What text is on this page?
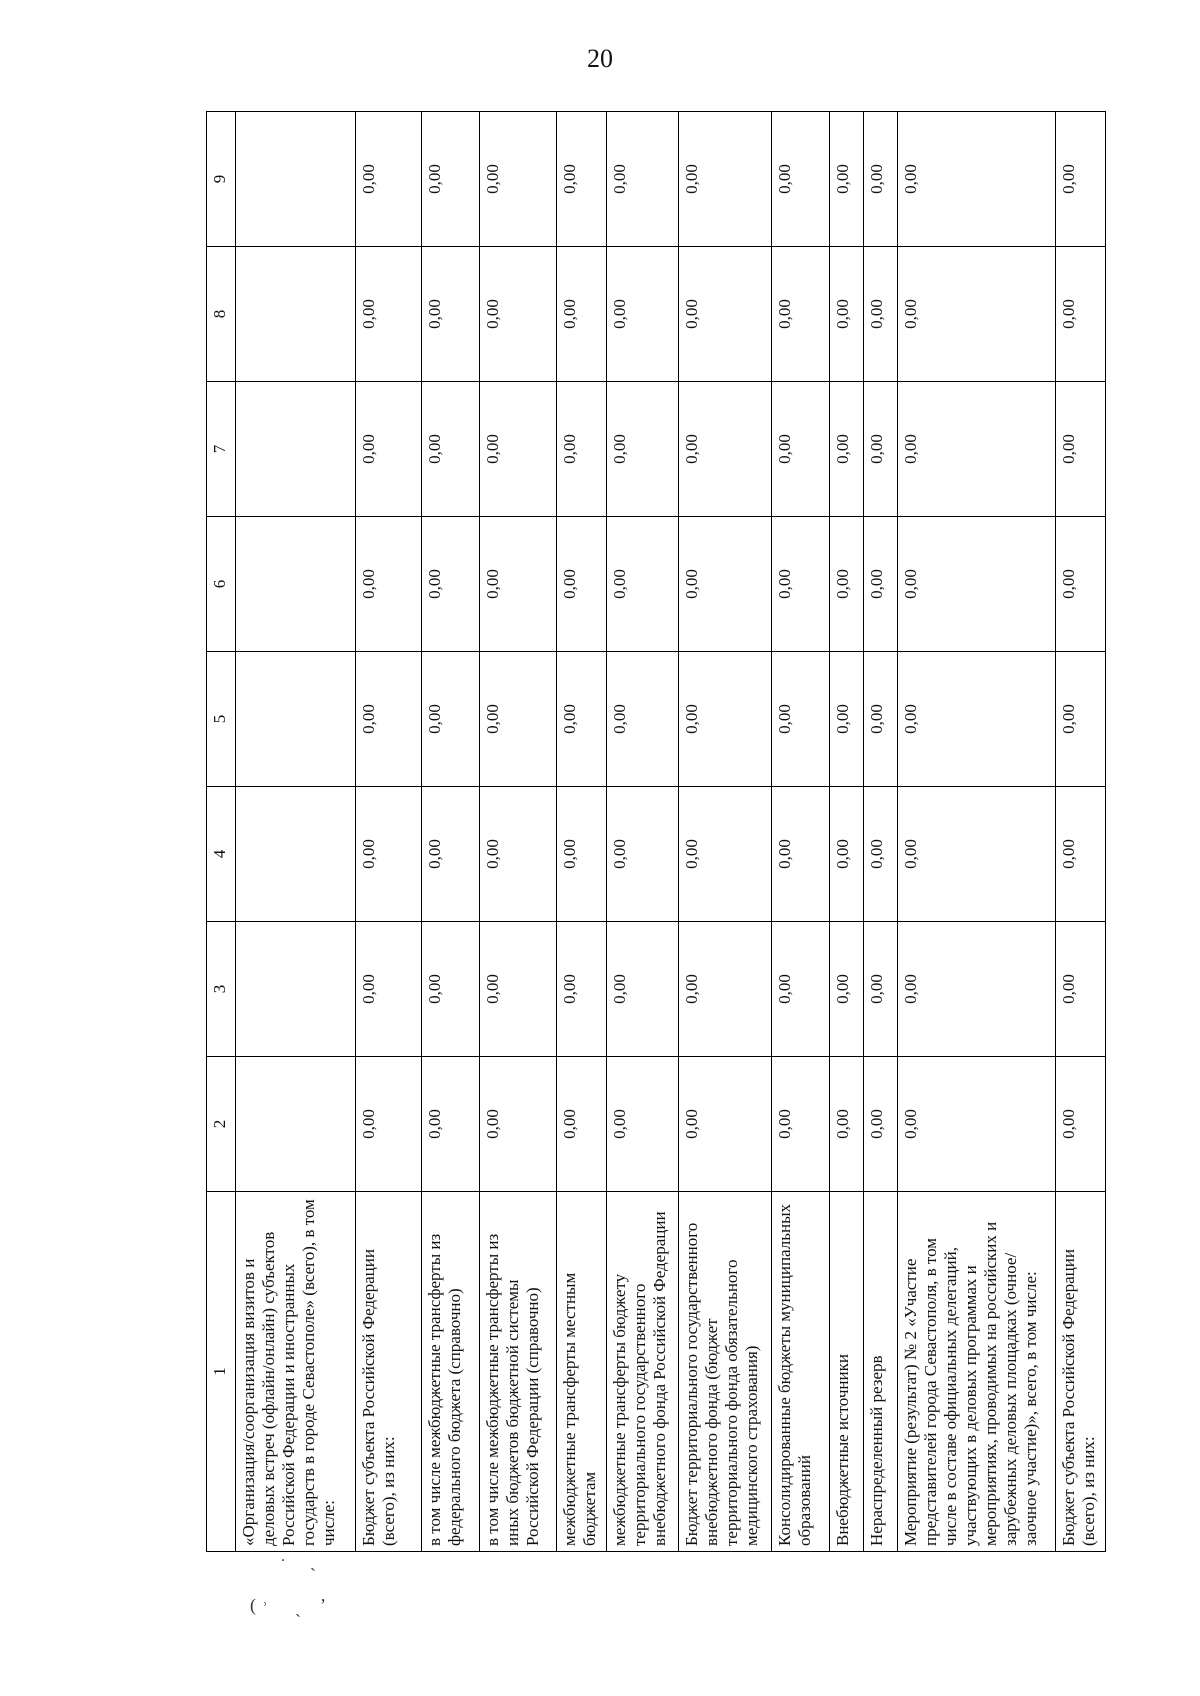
20
1	2	3	4	5	6	7	8	9
«Организация/соорганизация визитов и деловых встреч (офлайн/онлайн) субъектов Российской Федерации и иностранных государств в городе Севастополе» (всего), в том числе:								
Бюджет субъекта Российской Федерации (всего), из них:	0,00	0,00	0,00	0,00	0,00	0,00	0,00	0,00
в том числе межбюджетные трансферты из федерального бюджета (справочно)	0,00	0,00	0,00	0,00	0,00	0,00	0,00	0,00
в том числе межбюджетные трансферты из иных бюджетов бюджетной системы Российской Федерации (справочно)	0,00	0,00	0,00	0,00	0,00	0,00	0,00	0,00
межбюджетные трансферты местным бюджетам	0,00	0,00	0,00	0,00	0,00	0,00	0,00	0,00
межбюджетные трансферты бюджету территориального государственного внебюджетного фонда Российской Федерации	0,00	0,00	0,00	0,00	0,00	0,00	0,00	0,00
Бюджет территориального государственного внебюджетного фонда (бюджет территориального фонда обязательного медицинского страхования)	0,00	0,00	0,00	0,00	0,00	0,00	0,00	0,00
Консолидированные бюджеты муниципальных образований	0,00	0,00	0,00	0,00	0,00	0,00	0,00	0,00
Внебюджетные источники	0,00	0,00	0,00	0,00	0,00	0,00	0,00	0,00
Нераспределенный резерв	0,00	0,00	0,00	0,00	0,00	0,00	0,00	0,00
Мероприятие (результат) № 2 «Участие представителей города Севастополя, в том числе в составе официальных делегаций, участвующих в деловых программах и мероприятиях, проводимых на российских и зарубежных деловых площадках (очное/заочное участие)», всего, в том числе:	0,00	0,00	0,00	0,00	0,00	0,00	0,00	0,00
Бюджет субъекта Российской Федерации (всего), из них:	0,00	0,00	0,00	0,00	0,00	0,00	0,00	0,00
˙ `
( ʾ ˎ ʼ
